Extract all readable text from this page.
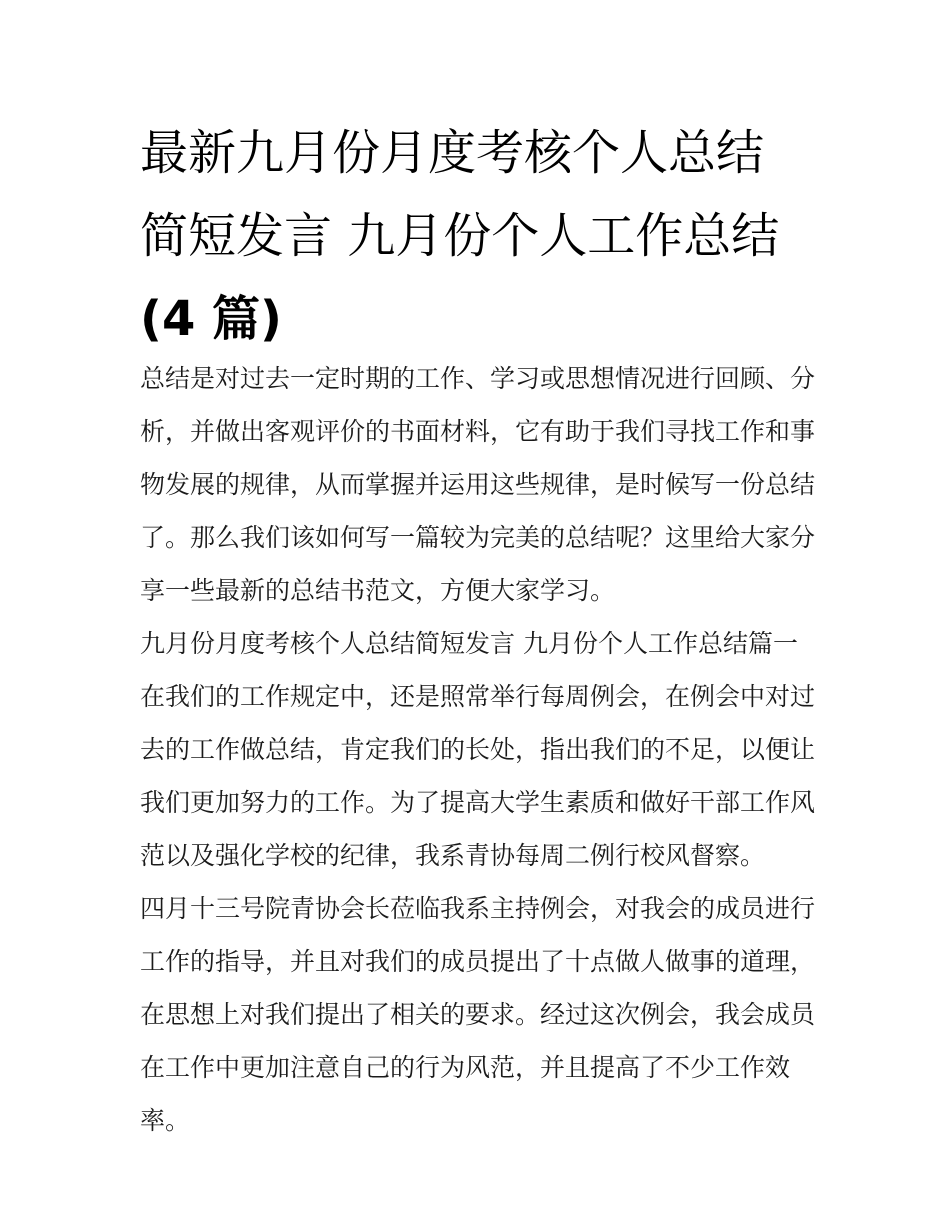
最新九月份月度考核个人总结
简短发言 九月份个人工作总结
(4 篇)

总结是对过去一定时期的工作、学习或思想情况进行回顾、分
析，并做出客观评价的书面材料，它有助于我们寻找工作和事
物发展的规律，从而掌握并运用这些规律，是时候写一份总结
了。那么我们该如何写一篇较为完美的总结呢？这里给大家分
享一些最新的总结书范文，方便大家学习。

九月份月度考核个人总结简短发言 九月份个人工作总结篇一

在我们的工作规定中，还是照常举行每周例会，在例会中对过
去的工作做总结，肯定我们的长处，指出我们的不足，以便让
我们更加努力的工作。为了提高大学生素质和做好干部工作风
范以及强化学校的纪律，我系青协每周二例行校风督察。

四月十三号院青协会长莅临我系主持例会，对我会的成员进行
工作的指导，并且对我们的成员提出了十点做人做事的道理，
在思想上对我们提出了相关的要求。经过这次例会，我会成员
在工作中更加注意自己的行为风范，并且提高了不少工作效
率。
